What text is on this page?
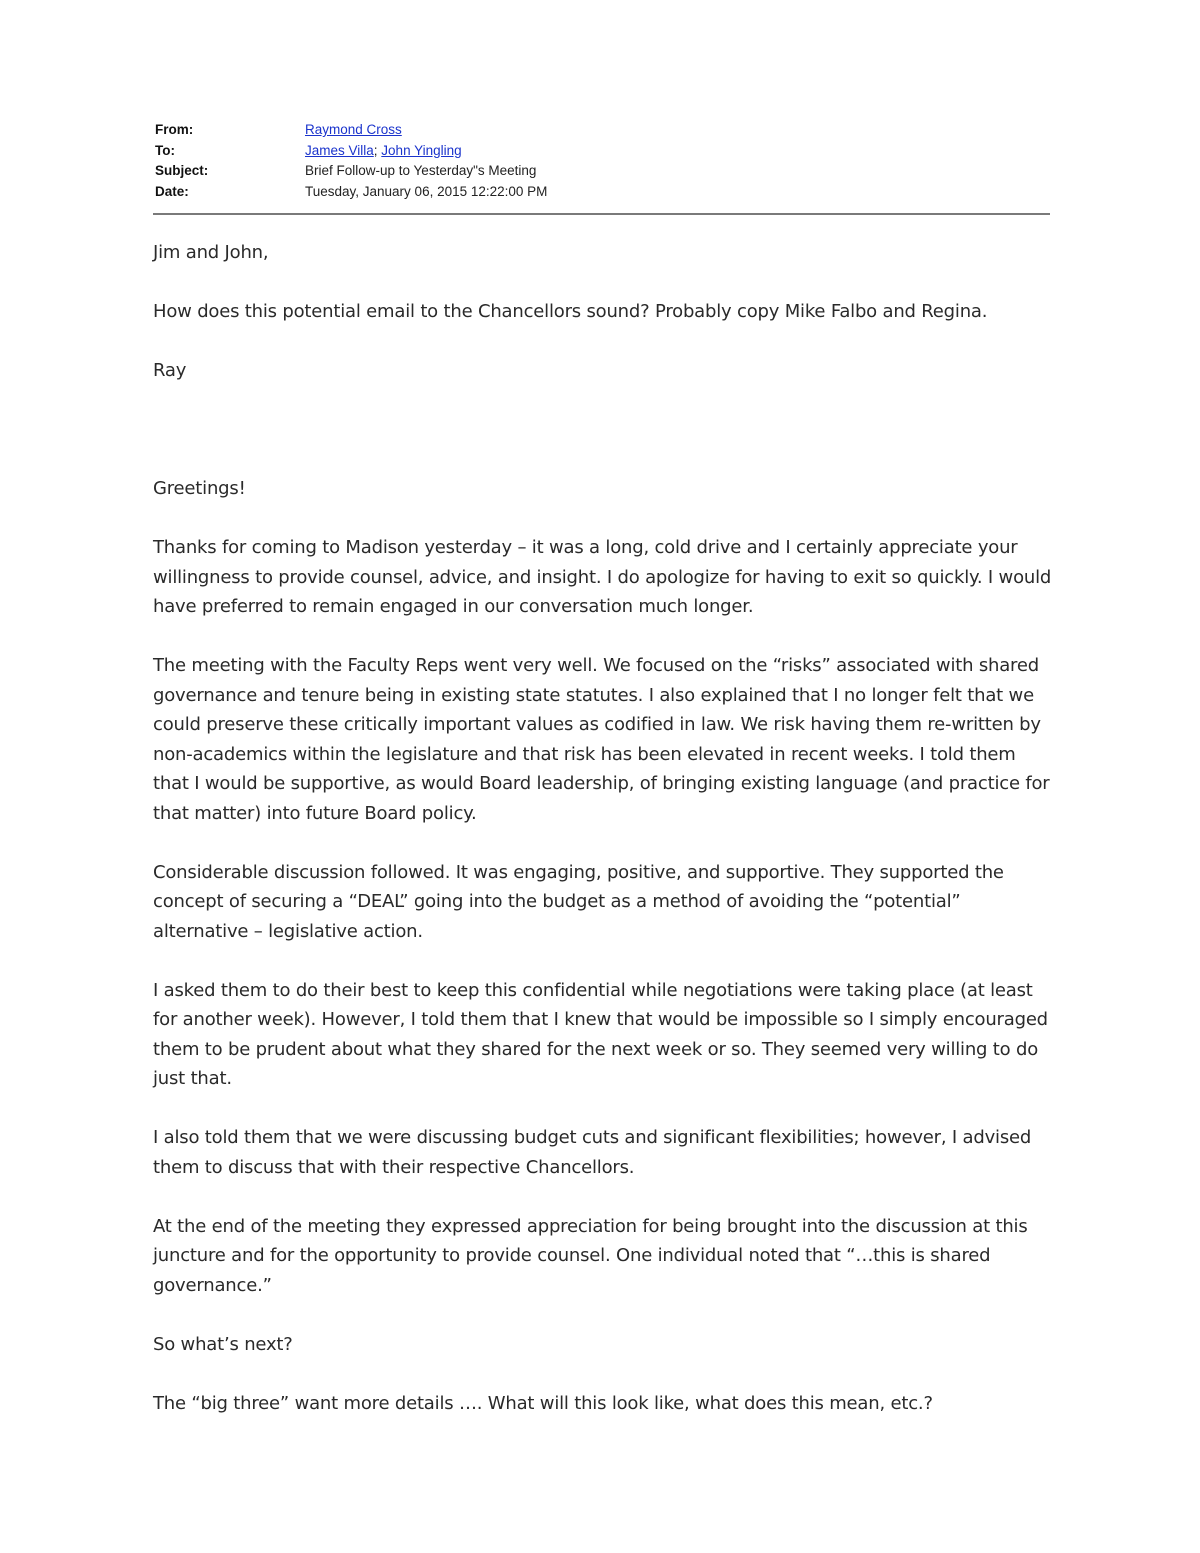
From:	Raymond Cross
To:	James Villa; John Yingling
Subject:	Brief Follow-up to Yesterday"s Meeting
Date:	Tuesday, January 06, 2015 12:22:00 PM

Jim and John,

How does this potential email to the Chancellors sound? Probably copy Mike Falbo and Regina.

Ray

Greetings!

Thanks for coming to Madison yesterday – it was a long, cold drive and I certainly appreciate your willingness to provide counsel, advice, and insight. I do apologize for having to exit so quickly. I would have preferred to remain engaged in our conversation much longer.

The meeting with the Faculty Reps went very well. We focused on the “risks” associated with shared governance and tenure being in existing state statutes. I also explained that I no longer felt that we could preserve these critically important values as codified in law. We risk having them re-written by non-academics within the legislature and that risk has been elevated in recent weeks. I told them that I would be supportive, as would Board leadership, of bringing existing language (and practice for that matter) into future Board policy.

Considerable discussion followed. It was engaging, positive, and supportive. They supported the concept of securing a “DEAL” going into the budget as a method of avoiding the “potential” alternative – legislative action.

I asked them to do their best to keep this confidential while negotiations were taking place (at least for another week). However, I told them that I knew that would be impossible so I simply encouraged them to be prudent about what they shared for the next week or so. They seemed very willing to do just that.

I also told them that we were discussing budget cuts and significant flexibilities; however, I advised them to discuss that with their respective Chancellors.

At the end of the meeting they expressed appreciation for being brought into the discussion at this juncture and for the opportunity to provide counsel. One individual noted that “…this is shared governance.”

So what’s next?

The “big three” want more details …. What will this look like, what does this mean, etc.?
